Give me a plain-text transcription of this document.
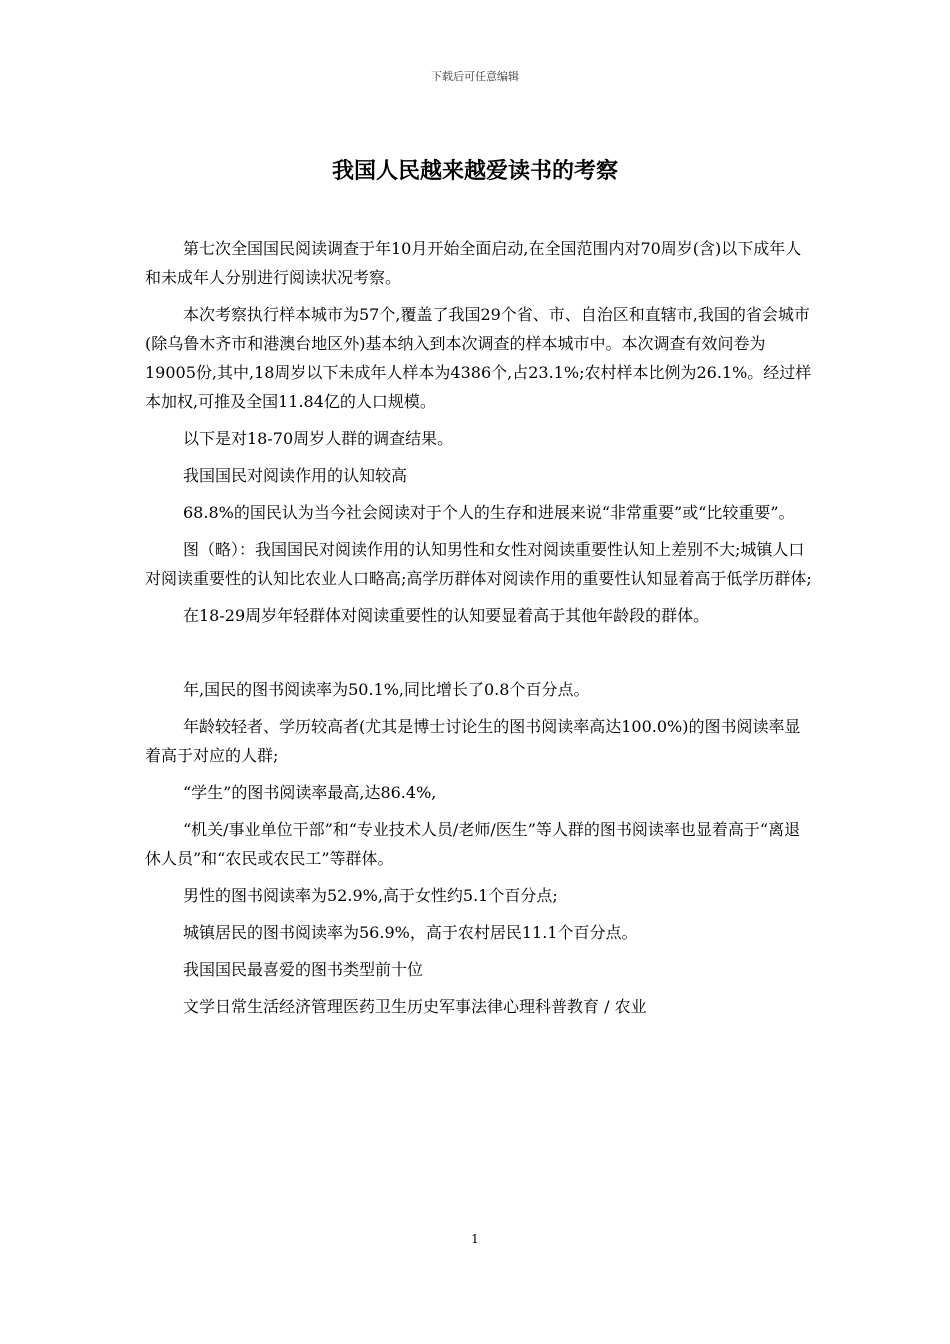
下载后可任意编辑
我国人民越来越爱读书的考察

第七次全国国民阅读调查于年10月开始全面启动,在全国范围内对70周岁(含)以下成年人和未成年人分别进行阅读状况考察。

本次考察执行样本城市为57个,覆盖了我国29个省、市、自治区和直辖市,我国的省会城市(除乌鲁木齐市和港澳台地区外)基本纳入到本次调查的样本城市中。本次调查有效问卷为19005份,其中,18周岁以下未成年人样本为4386个,占23.1%;农村样本比例为26.1%。经过样本加权,可推及全国11.84亿的人口规模。

以下是对18-70周岁人群的调查结果。

我国国民对阅读作用的认知较高

68.8%的国民认为当今社会阅读对于个人的生存和进展来说“非常重要”或“比较重要”。

图（略）：我国国民对阅读作用的认知男性和女性对阅读重要性认知上差别不大;城镇人口对阅读重要性的认知比农业人口略高;高学历群体对阅读作用的重要性认知显着高于低学历群体;

在18-29周岁年轻群体对阅读重要性的认知要显着高于其他年龄段的群体。

年,国民的图书阅读率为50.1%,同比增长了0.8个百分点。

年龄较轻者、学历较高者(尤其是博士讨论生的图书阅读率高达100.0%)的图书阅读率显着高于对应的人群;

“学生”的图书阅读率最高,达86.4%,

“机关/事业单位干部”和“专业技术人员/老师/医生”等人群的图书阅读率也显着高于“离退休人员”和“农民或农民工”等群体。

男性的图书阅读率为52.9%,高于女性约5.1个百分点;

城镇居民的图书阅读率为56.9%，高于农村居民11.1个百分点。

我国国民最喜爱的图书类型前十位

文学日常生活经济管理医药卫生历史军事法律心理科普教育 / 农业

1
